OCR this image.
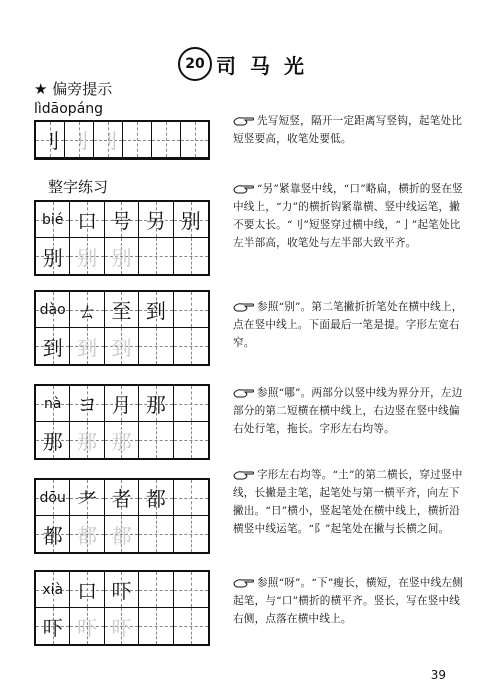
20 司马光
★ 偏旁提示
lìdāopáng
刂 刂 刂
整字练习
bié 口 号 另 别
别 别 别
dào ㄊ 至 到
到 到 到
nà ヨ 月 那
那 那 那
dōu 耂 者 都
都 都 都
xià 口 吓
吓 吓 吓
先写短竖，隔开一定距离写竖钩，起笔处比短竖要高，收笔处要低。
“另”紧靠竖中线，“口”略扁，横折的竖在竖中线上，“力”的横折钩紧靠横、竖中线运笔，撇不要太长。“刂”短竖穿过横中线，“亅”起笔处比左半部高，收笔处与左半部大致平齐。
参照“别”。第二笔撇折折笔处在横中线上，点在竖中线上。下面最后一笔是提。字形左宽右窄。
参照“哪”。两部分以竖中线为界分开，左边部分的第二短横在横中线上，右边竖在竖中线偏右处行笔，拖长。字形左右均等。
字形左右均等。“土”的第二横长，穿过竖中线，长撇是主笔，起笔处与第一横平齐，向左下撇出。“日”横小，竖起笔处在横中线上，横折沿横竖中线运笔。“阝”起笔处在撇与长横之间。
参照“呀”。“下”瘦长，横短，在竖中线左侧起笔，与“口”横折的横平齐。竖长，写在竖中线右侧，点落在横中线上。
39
